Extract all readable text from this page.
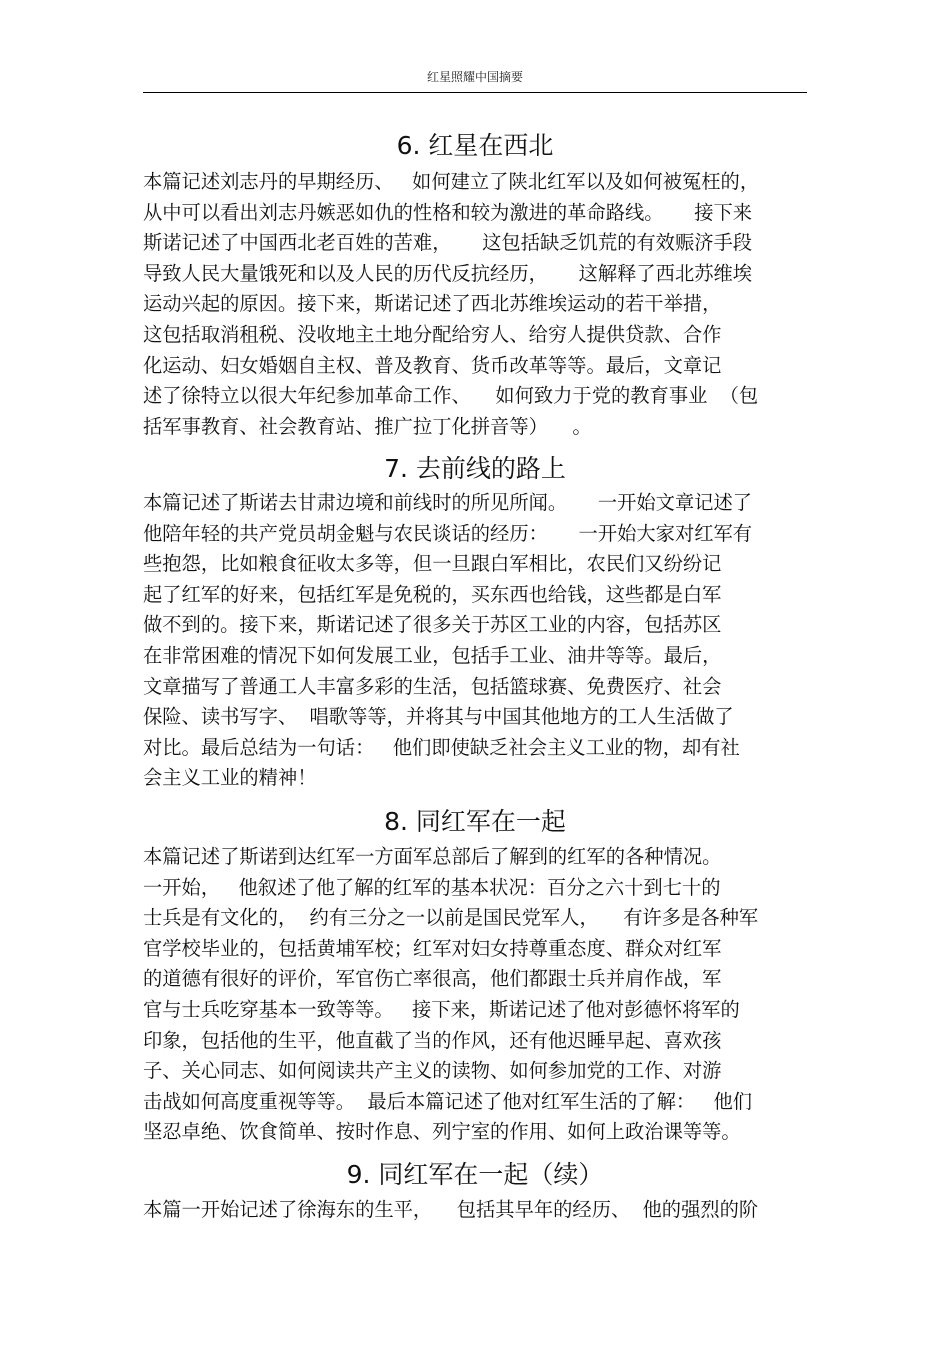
红星照耀中国摘要
6. 红星在西北
本篇记述刘志丹的早期经历、   如何建立了陕北红军以及如何被冤枉的，
从中可以看出刘志丹嫉恶如仇的性格和较为激进的革命路线。     接下来
斯诺记述了中国西北老百姓的苦难，     这包括缺乏饥荒的有效赈济手段
导致人民大量饿死和以及人民的历代反抗经历，     这解释了西北苏维埃
运动兴起的原因。接下来，斯诺记述了西北苏维埃运动的若干举措，
这包括取消租税、没收地主土地分配给穷人、给穷人提供贷款、合作
化运动、妇女婚姻自主权、普及教育、货币改革等等。最后，文章记
述了徐特立以很大年纪参加革命工作、    如何致力于党的教育事业  （包
括军事教育、社会教育站、推广拉丁化拼音等）    。
7. 去前线的路上
本篇记述了斯诺去甘肃边境和前线时的所见所闻。     一开始文章记述了
他陪年轻的共产党员胡金魁与农民谈话的经历：     一开始大家对红军有
些抱怨，比如粮食征收太多等，但一旦跟白军相比，农民们又纷纷记
起了红军的好来，包括红军是免税的，买东西也给钱，这些都是白军
做不到的。接下来，斯诺记述了很多关于苏区工业的内容，包括苏区
在非常困难的情况下如何发展工业，包括手工业、油井等等。最后，
文章描写了普通工人丰富多彩的生活，包括篮球赛、免费医疗、社会
保险、读书写字、  唱歌等等，并将其与中国其他地方的工人生活做了
对比。最后总结为一句话：   他们即使缺乏社会主义工业的物，却有社
会主义工业的精神！
8. 同红军在一起
本篇记述了斯诺到达红军一方面军总部后了解到的红军的各种情况。
一开始，   他叙述了他了解的红军的基本状况：百分之六十到七十的
士兵是有文化的，  约有三分之一以前是国民党军人，    有许多是各种军
官学校毕业的，包括黄埔军校；红军对妇女持尊重态度、群众对红军
的道德有很好的评价，军官伤亡率很高，他们都跟士兵并肩作战，军
官与士兵吃穿基本一致等等。   接下来，斯诺记述了他对彭德怀将军的
印象，包括他的生平，他直截了当的作风，还有他迟睡早起、喜欢孩
子、关心同志、如何阅读共产主义的读物、如何参加党的工作、对游
击战如何高度重视等等。  最后本篇记述了他对红军生活的了解：   他们
坚忍卓绝、饮食简单、按时作息、列宁室的作用、如何上政治课等等。
9. 同红军在一起（续）
本篇一开始记述了徐海东的生平，    包括其早年的经历、  他的强烈的阶
